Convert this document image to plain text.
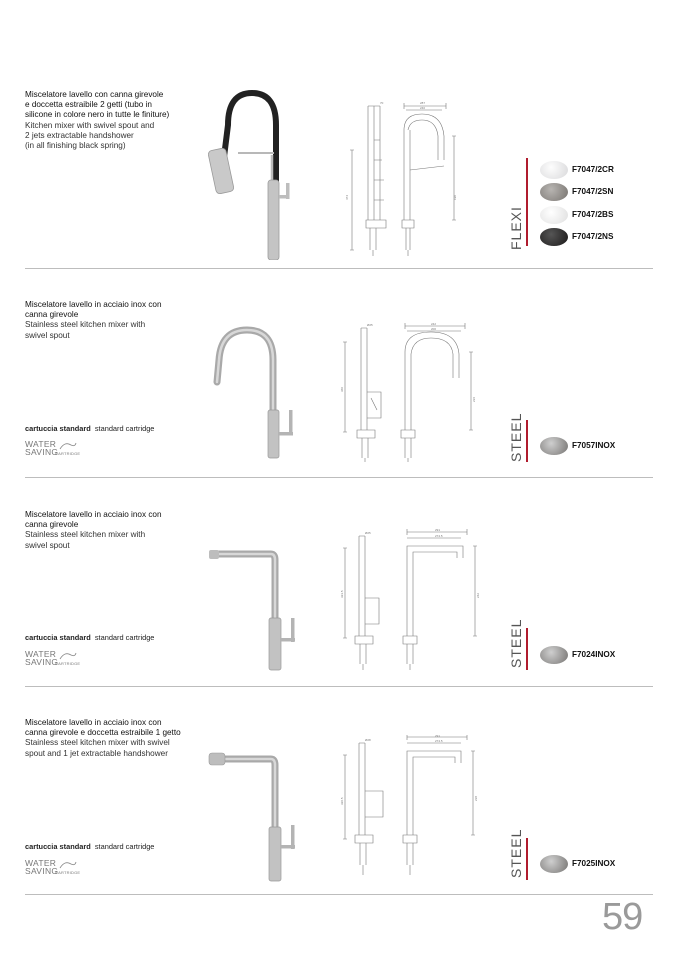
Miscelatore lavello con canna girevole
e doccetta estraibile 2 getti (tubo in
silicone in colore nero in tutte le finiture)
Kitchen mixer with swivel spout and
2 jets extractable handshower
(in all finishing black spring)
70	287
240
474	190
FLEXI
F7047/2CR
F7047/2SN
F7047/2BS
F7047/2NS
Miscelatore lavello in acciaio inox con
canna girevole
Stainless steel kitchen mixer with
swivel spout
cartuccia standard standard cartridge
WATER
SAVING
CARTRIDGE
Ø25	242
200
360
236
STEEL	F7057INOX
Miscelatore lavello in acciaio inox con
canna girevole
Stainless steel kitchen mixer with
swivel spout
cartuccia standard standard cartridge
WATER
SAVING
CARTRIDGE
Ø25
291
274.5
323.5	242
STEEL	F7024INOX
Miscelatore lavello in acciaio inox con
canna girevole e doccetta estraibile 1 getto
Stainless steel kitchen mixer with swivel
spout and 1 jet extractable handshower
cartuccia standard standard cartridge
WATER
SAVING
CARTRIDGE
Ø28
291
274.5
320.5	238
STEEL	F7025INOX
59
